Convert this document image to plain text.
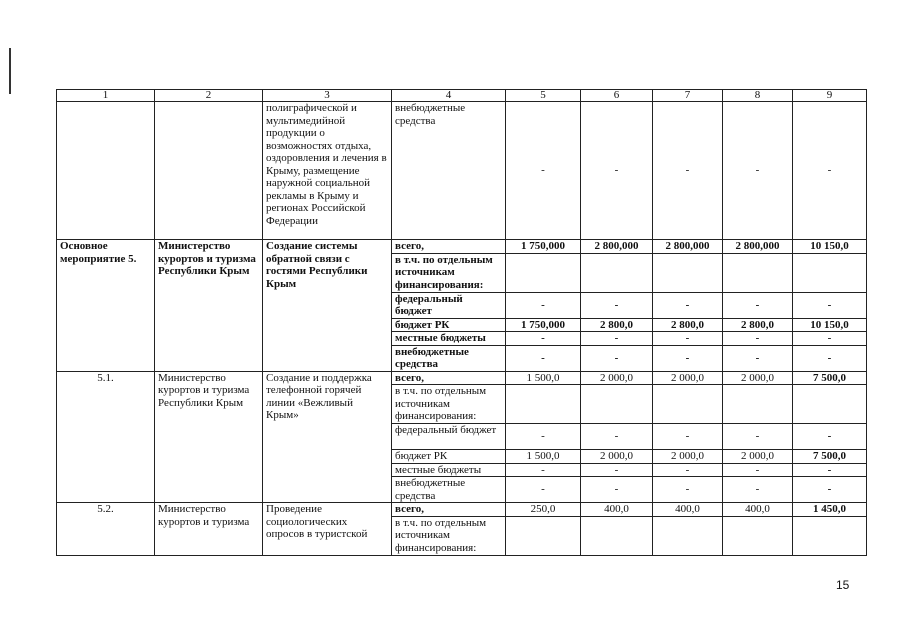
1	2	3	4	5	6	7	8	9
		полиграфической и мультимедийной продукции о возможностях отдыха, оздоровления и лечения в Крыму, размещение наружной социальной рекламы в Крыму и регионах Российской Федерации	внебюджетные средства	-	-	-	-	-
Основное мероприятие 5.	Министерство курортов и туризма Республики Крым	Создание системы обратной связи с гостями Республики Крым	всего,	1 750,000	2 800,000	2 800,000	2 800,000	10 150,0
			в т.ч. по отдельным источникам финансирования:					
			федеральный бюджет	-	-	-	-	-
			бюджет РК	1 750,000	2 800,0	2 800,0	2 800,0	10 150,0
			местные бюджеты	-	-	-	-	-
			внебюджетные средства	-	-	-	-	-
5.1.	Министерство курортов и туризма Республики Крым	Создание и поддержка телефонной горячей линии «Вежливый Крым»	всего,	1 500,0	2 000,0	2 000,0	2 000,0	7 500,0
			в т.ч. по отдельным источникам финансирования:					
			федеральный бюджет	-	-	-	-	-
			бюджет РК	1 500,0	2 000,0	2 000,0	2 000,0	7 500,0
			местные бюджеты	-	-	-	-	-
			внебюджетные средства	-	-	-	-	-
5.2.	Министерство курортов и туризма	Проведение социологических опросов в туристской	всего,	250,0	400,0	400,0	400,0	1 450,0
			в т.ч. по отдельным источникам финансирования:					
15
